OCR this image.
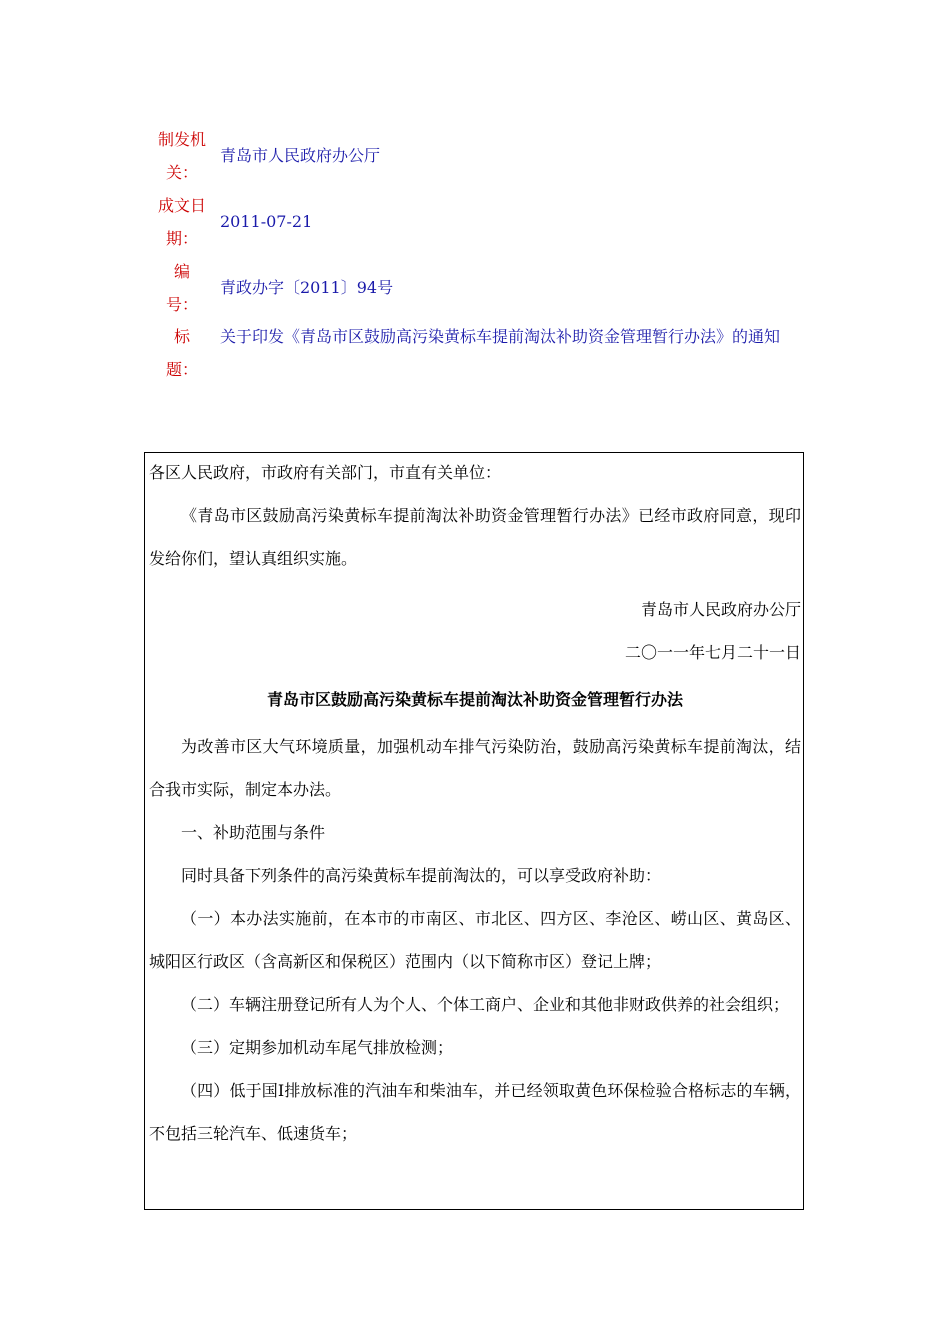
制发机关：
青岛市人民政府办公厅
成文日期：
2011-07-21
编号：
青政办字〔2011〕94号
标题：
关于印发《青岛市区鼓励高污染黄标车提前淘汰补助资金管理暂行办法》的通知

各区人民政府，市政府有关部门，市直有关单位：

《青岛市区鼓励高污染黄标车提前淘汰补助资金管理暂行办法》已经市政府同意，现印发给你们，望认真组织实施。

青岛市人民政府办公厅

二〇一一年七月二十一日

青岛市区鼓励高污染黄标车提前淘汰补助资金管理暂行办法

为改善市区大气环境质量，加强机动车排气污染防治，鼓励高污染黄标车提前淘汰，结合我市实际，制定本办法。

一、补助范围与条件

同时具备下列条件的高污染黄标车提前淘汰的，可以享受政府补助：

（一）本办法实施前，在本市的市南区、市北区、四方区、李沧区、崂山区、黄岛区、城阳区行政区（含高新区和保税区）范围内（以下简称市区）登记上牌；

（二）车辆注册登记所有人为个人、个体工商户、企业和其他非财政供养的社会组织；

（三）定期参加机动车尾气排放检测；

（四）低于国Ⅰ排放标准的汽油车和柴油车，并已经领取黄色环保检验合格标志的车辆，不包括三轮汽车、低速货车；
